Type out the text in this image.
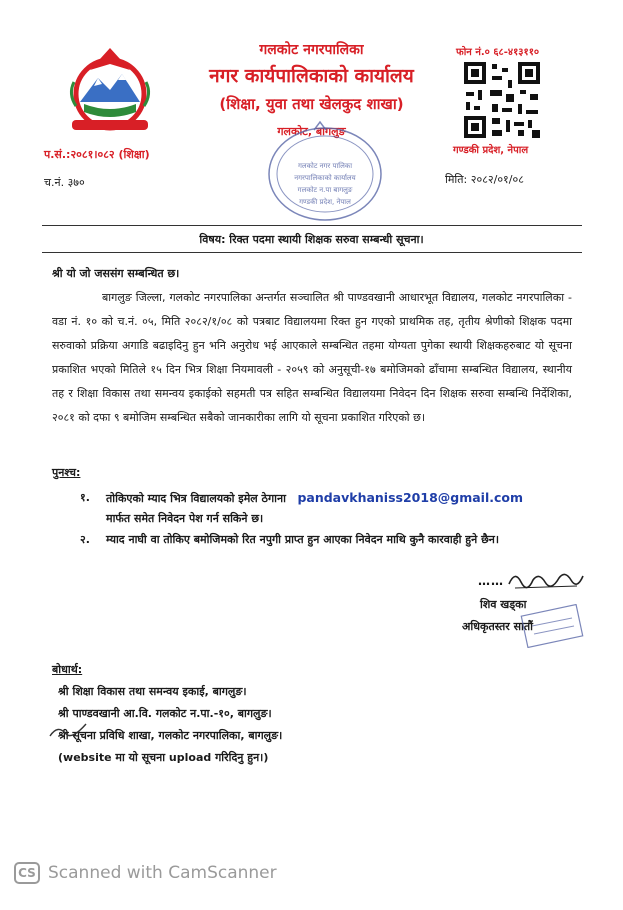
गलकोट नगरपालिका
नगर कार्यपालिकाको कार्यालय
(शिक्षा, युवा तथा खेलकुद शाखा)
गलकोट, बागलुङ
फोन नं.० ६८-४१३११०
गण्डकी प्रदेश, नेपाल
प.सं.:२०८१।०८२ (शिक्षा)
च.नं. ३७०	मिति: २०८२/०१/०८
गलकोट नगर पालिका
नगरपालिकाको कार्यालय
गलकोट न.पा बागलुङ
गण्डकी प्रदेश, नेपाल
विषय: रिक्त पदमा स्थायी शिक्षक सरुवा सम्बन्धी सूचना।
श्री यो जो जससंग सम्बन्धित छ।

बागलुङ जिल्ला, गलकोट नगरपालिका अन्तर्गत सञ्चालित श्री पाण्डवखानी आधारभूत विद्यालय, गलकोट नगरपालिका - वडा नं. १० को च.नं. ०५, मिति २०८२/१/०८ को पत्रबाट विद्यालयमा रिक्त हुन गएको प्राथमिक तह, तृतीय श्रेणीको शिक्षक पदमा सरुवाको प्रक्रिया अगाडि बढाइदिनु हुन भनि अनुरोध भई आएकाले सम्बन्धित तहमा योग्यता पुगेका स्थायी शिक्षकहरुबाट यो सूचना प्रकाशित भएको मितिले १५ दिन भित्र शिक्षा नियमावली - २०५९ को अनुसूची-१७ बमोजिमको ढाँचामा सम्बन्धित विद्यालय, स्थानीय तह र शिक्षा विकास तथा समन्वय इकाईको सहमती पत्र सहित सम्बन्धित विद्यालयमा निवेदन दिन शिक्षक सरुवा सम्बन्धि निर्देशिका, २०८१ को दफा ९ बमोजिम सम्बन्धित सबैको जानकारीका लागि यो सूचना प्रकाशित गरिएको छ।

पुनश्च:
१. तोकिएको म्याद भित्र विद्यालयको इमेल ठेगाना pandavkhaniss2018@gmail.com
मार्फत समेत निवेदन पेश गर्न सकिने छ।
२. म्याद नाघी वा तोकिए बमोजिमको रित नपुगी प्राप्त हुन आएका निवेदन माथि कुनै कारवाही हुने छैन।
……
शिव खड्का
अधिकृतस्तर सातौं
बोधार्थ:
श्री शिक्षा विकास तथा समन्वय इकाई, बागलुङ।
श्री पाण्डवखानी आ.वि. गलकोट न.पा.-१०, बागलुङ।
श्री सूचना प्रविधि शाखा, गलकोट नगरपालिका, बागलुङ।
(website मा यो सूचना upload गरिदिनु हुन।)
CS Scanned with CamScanner
